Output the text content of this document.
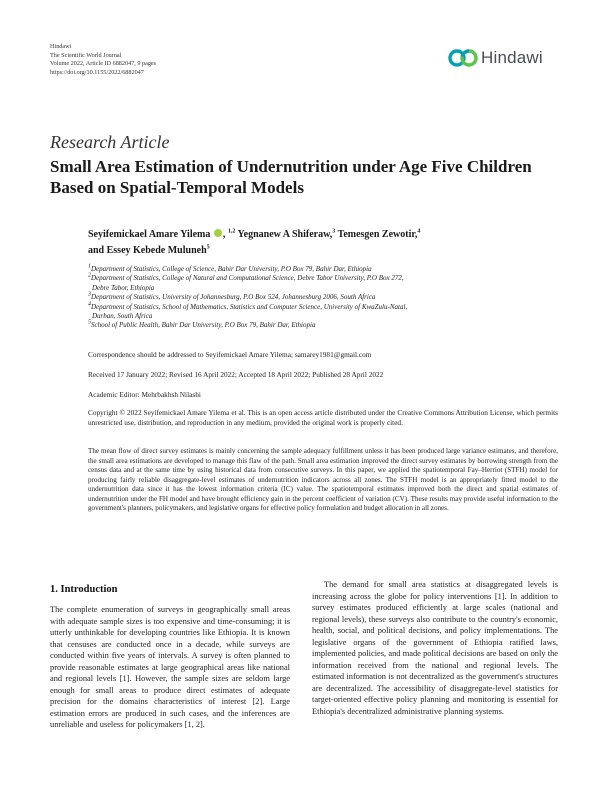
Hindawi
The Scientific World Journal
Volume 2022, Article ID 6882047, 9 pages
https://doi.org/10.1155/2022/6882047
Hindawi
Research Article
Small Area Estimation of Undernutrition under Age Five Children Based on Spatial-Temporal Models
Seyifemickael Amare Yilema , $^{1,2}$ Yegnanew A Shiferaw,$^3$ Temesgen Zewotir,$^4$
and Essey Kebede Muluneh$^5$
$^1$Department of Statistics, College of Science, Bahir Dar University, P.O Box 79, Bahir Dar, Ethiopia
$^2$Department of Statistics, College of Natural and Computational Science, Debre Tabor University, P.O Box 272,
Debre Tabor, Ethiopia
$^3$Department of Statistics, University of Johannesburg, P.O Box 524, Johannesburg 2006, South Africa
$^4$Department of Statistics, School of Mathematics, Statistics and Computer Science, University of KwaZulu-Natal,
Durban, South Africa
$^5$School of Public Health, Bahir Dar University, P.O Box 79, Bahir Dar, Ethiopia
Correspondence should be addressed to Seyifemickael Amare Yilema; samarey1981@gmail.com
Received 17 January 2022; Revised 16 April 2022; Accepted 18 April 2022; Published 28 April 2022
Academic Editor: Mehrbakhsh Nilashi
Copyright © 2022 Seyifemickael Amare Yilema et al. This is an open access article distributed under the Creative Commons Attribution License, which permits unrestricted use, distribution, and reproduction in any medium, provided the original work is properly cited.
The mean flow of direct survey estimates is mainly concerning the sample adequacy fulfillment unless it has been produced large variance estimates, and therefore, the small area estimations are developed to manage this flaw of the path. Small area estimation improved the direct survey estimates by borrowing strength from the census data and at the same time by using historical data from consecutive surveys. In this paper, we applied the spatiotemporal Fay–Herriot (STFH) model for producing fairly reliable disaggregate-level estimates of undernutrition indicators across all zones. The STFH model is an appropriately fitted model to the undernutrition data since it has the lowest information criteria (IC) value. The spatiotemporal estimates improved both the direct and spatial estimates of undernutrition under the FH model and have brought efficiency gain in the percent coefficient of variation (CV). These results may provide useful information to the government's planners, policymakers, and legislative organs for effective policy formulation and budget allocation in all zones.
1. Introduction
The complete enumeration of surveys in geographically small areas with adequate sample sizes is too expensive and time-consuming; it is utterly unthinkable for developing countries like Ethiopia. It is known that censuses are conducted once in a decade, while surveys are conducted within five years of intervals. A survey is often planned to provide reasonable estimates at large geographical areas like national and regional levels [1]. However, the sample sizes are seldom large enough for small areas to produce direct estimates of adequate precision for the domains characteristics of interest [2]. Large estimation errors are produced in such cases, and the inferences are unreliable and useless for policymakers [1, 2].
The demand for small area statistics at disaggregated levels is increasing across the globe for policy interventions [1]. In addition to survey estimates produced efficiently at large scales (national and regional levels), these surveys also contribute to the country's economic, health, social, and political decisions, and policy implementations. The legislative organs of the government of Ethiopia ratified laws, implemented policies, and made political decisions are based on only the information received from the national and regional levels. The estimated information is not decentralized as the government's structures are decentralized. The accessibility of disaggregate-level statistics for target-oriented effective policy planning and monitoring is essential for Ethiopia's decentralized administrative planning systems.
